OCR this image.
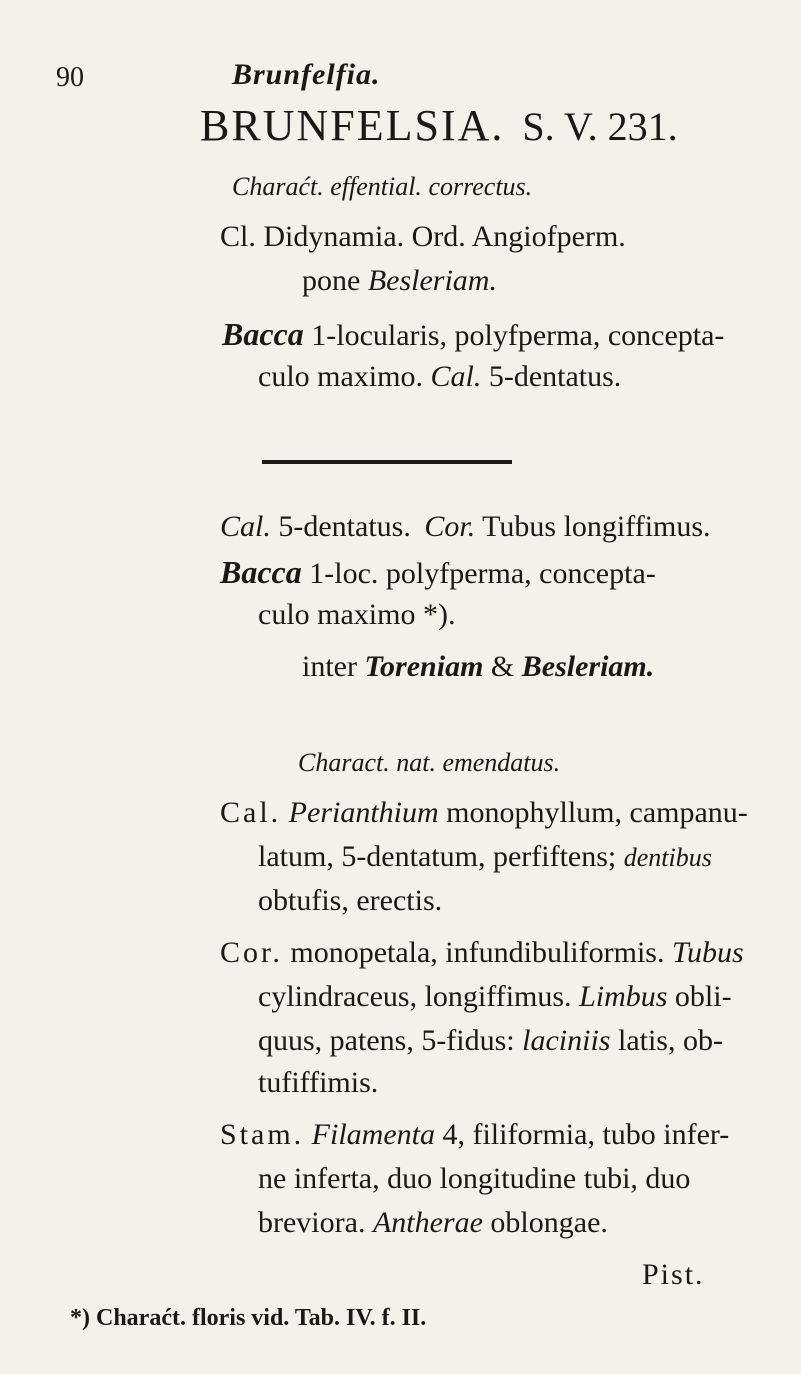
90	Brunfelfia.
BRUNFELSIA. S. V. 231.
Charaćt. effential. correctus.
Cl. Didynamia. Ord. Angiofperm.
pone Besleriam.
Bacca 1-locularis, polyfperma, concepta-
culo maximo. Cal. 5-dentatus.
Cal. 5-dentatus. Cor. Tubus longiffimus.
Bacca 1-loc. polyfperma, concepta-
culo maximo *).
inter Toreniam & Besleriam.
Charact. nat. emendatus.
Cal. Perianthium monophyllum, campanu-
latum, 5-dentatum, perfiftens; dentibus
obtufis, erectis.
Cor. monopetala, infundibuliformis. Tubus
cylindraceus, longiffimus. Limbus obli-
quus, patens, 5-fidus: laciniis latis, ob-
tufiffimis.
Stam. Filamenta 4, filiformia, tubo infer-
ne inferta, duo longitudine tubi, duo
breviora. Antherae oblongae.
Pist.
*) Charaćt. floris vid. Tab. IV. f. II.
